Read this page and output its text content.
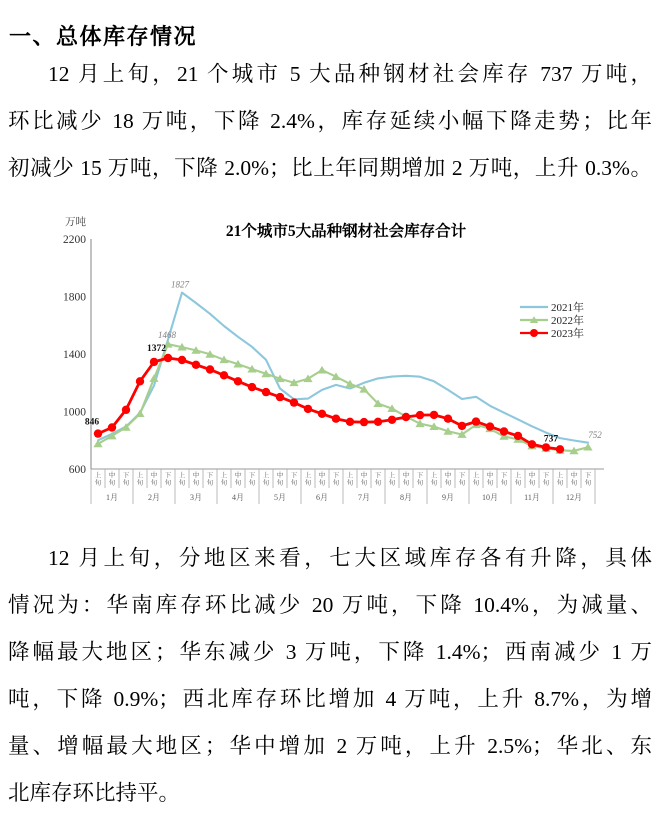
一、总体库存情况
12 月上旬，21 个城市 5 大品种钢材社会库存 737 万吨，
环比减少 18 万吨，下降 2.4%，库存延续小幅下降走势；比年
初减少 15 万吨，下降 2.0%；比上年同期增加 2 万吨，上升 0.3%。
21个城市5大品种钢材社会库存合计
万吨
2200
1800
1400
1000
600 上旬
中旬
下旬
上旬
中旬
下旬
上旬
中旬
下旬
上旬
中旬
下旬
上旬
中旬
下旬
上旬
中旬
下旬
上旬
中旬
下旬
上旬
中旬
下旬
上旬
中旬
下旬
上旬
中旬
下旬
上旬
中旬
下旬
上旬
中旬
下旬
1月	2月	3月	4月	5月	6月	7月	8月	9月	10月	11月	12月
846
1372
1468
1827
737	752
2021年
2022年
2023年
12 月上旬，分地区来看，七大区域库存各有升降，具体
情况为：华南库存环比减少 20 万吨，下降 10.4%，为减量、
降幅最大地区；华东减少 3 万吨，下降 1.4%；西南减少 1 万
吨，下降 0.9%；西北库存环比增加 4 万吨，上升 8.7%，为增
量、增幅最大地区；华中增加 2 万吨，上升 2.5%；华北、东
北库存环比持平。
